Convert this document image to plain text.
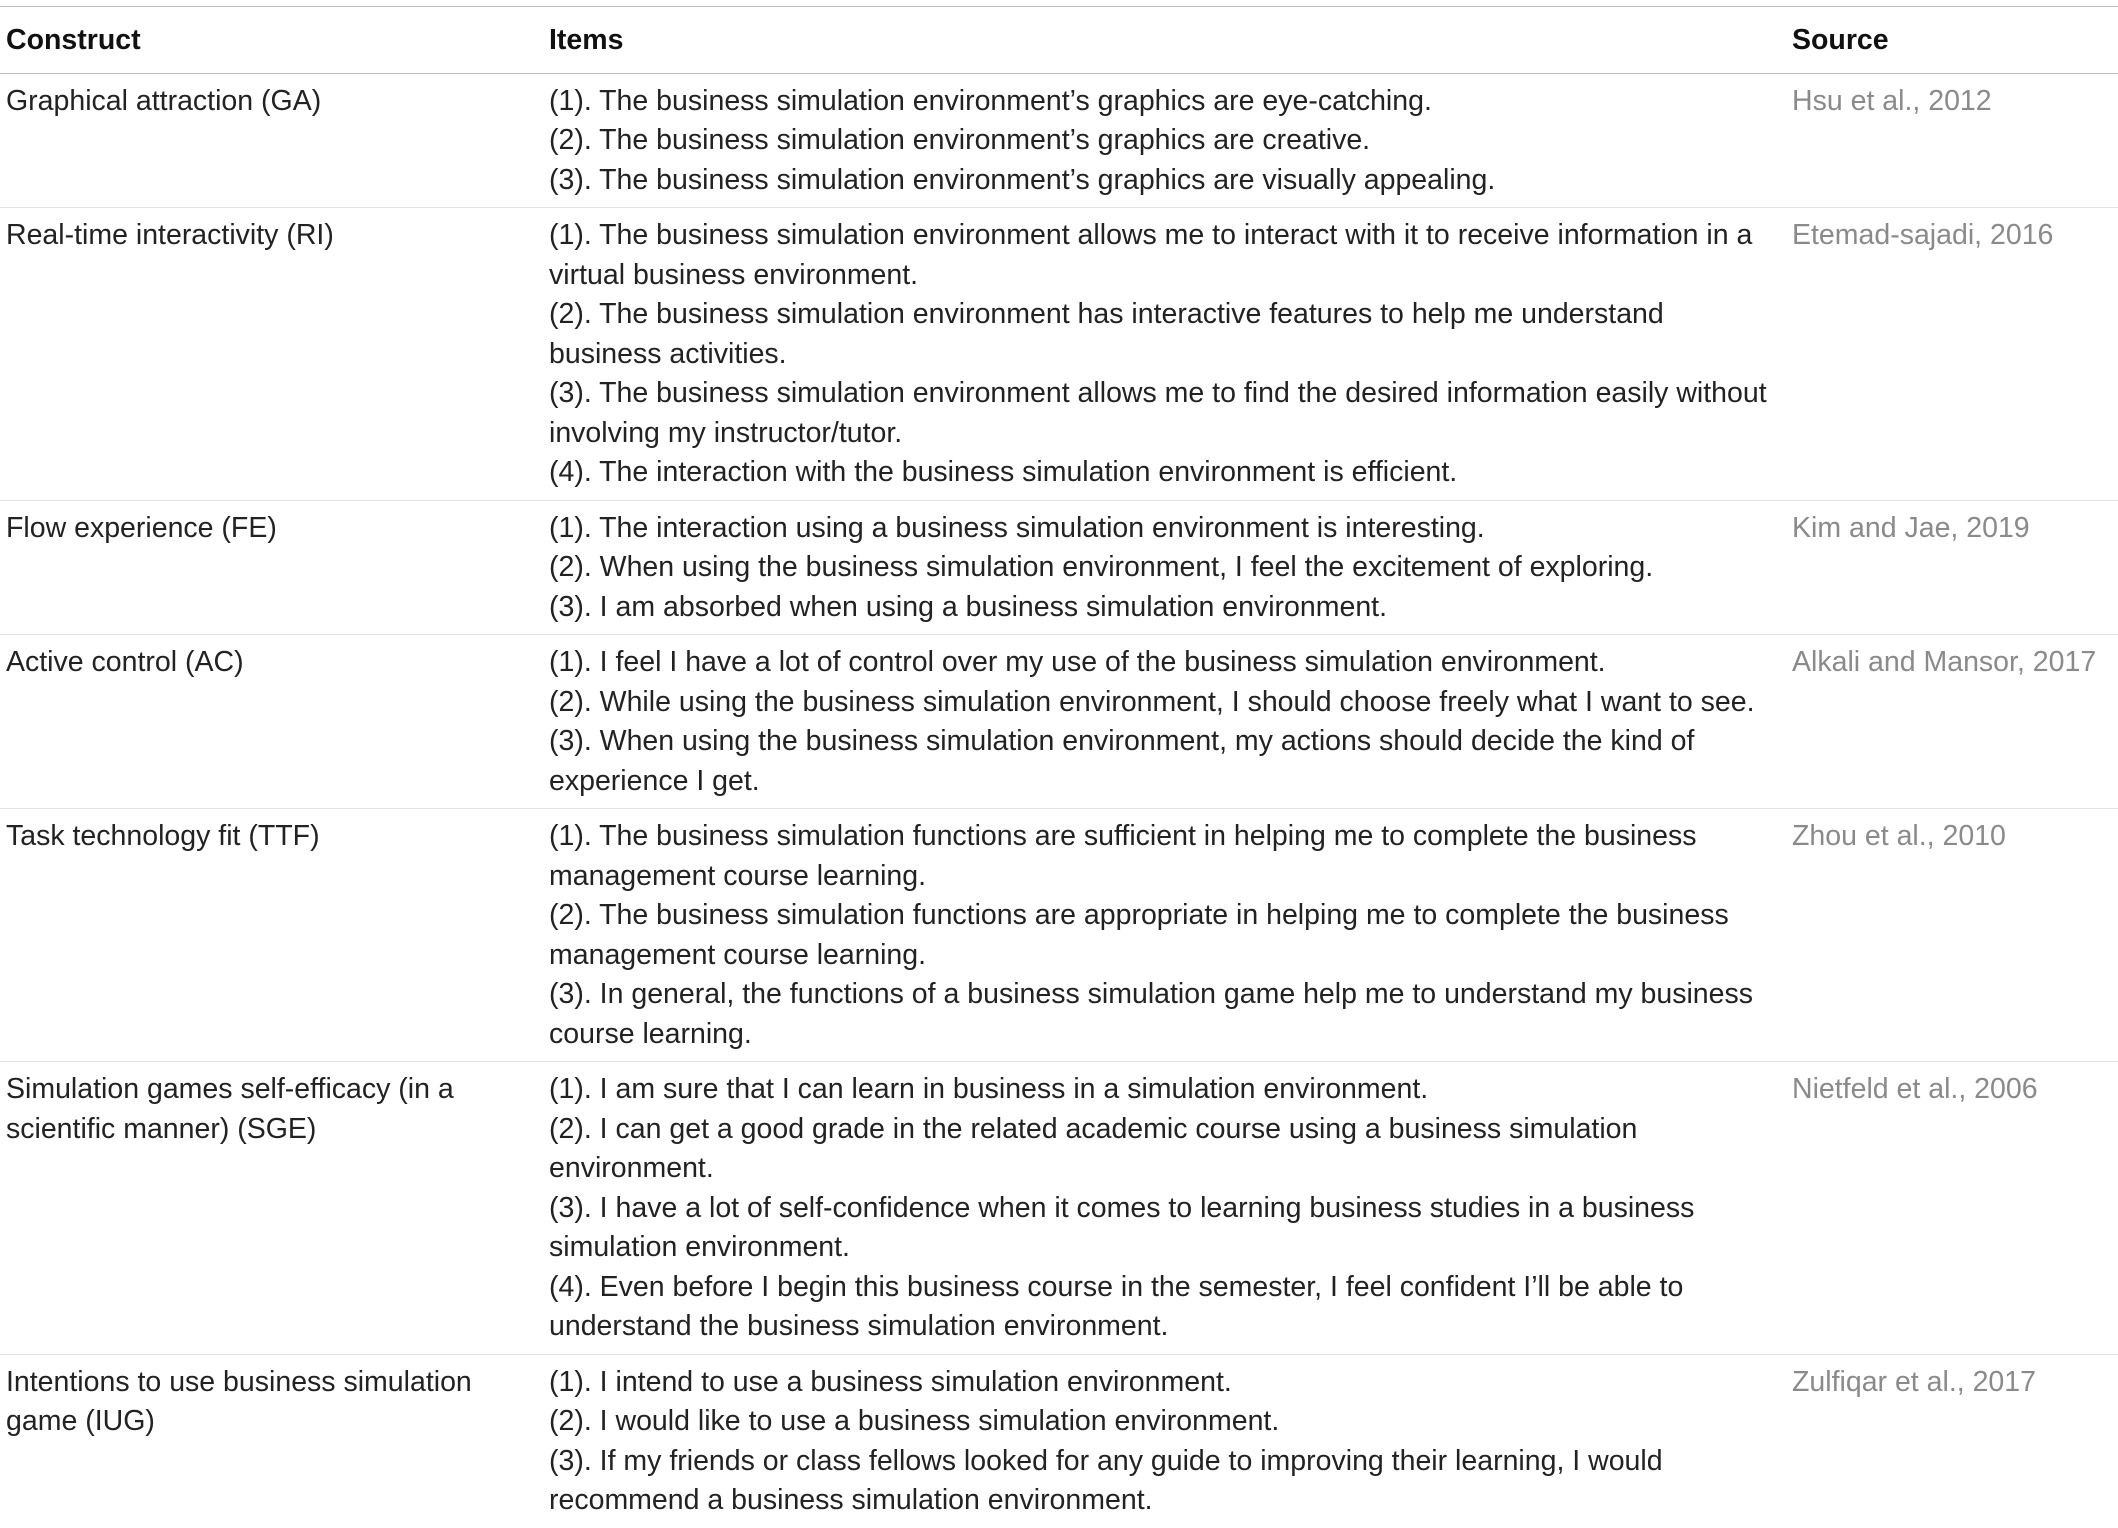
Construct	Items	Source
Graphical attraction (GA)	(1). The business simulation environment’s graphics are eye-catching.
(2). The business simulation environment’s graphics are creative.
(3). The business simulation environment’s graphics are visually appealing.	Hsu et al., 2012
Real-time interactivity (RI)	(1). The business simulation environment allows me to interact with it to receive information in a virtual business environment.
(2). The business simulation environment has interactive features to help me understand business activities.
(3). The business simulation environment allows me to find the desired information easily without involving my instructor/tutor.
(4). The interaction with the business simulation environment is efficient.	Etemad-sajadi, 2016
Flow experience (FE)	(1). The interaction using a business simulation environment is interesting.
(2). When using the business simulation environment, I feel the excitement of exploring.
(3). I am absorbed when using a business simulation environment.	Kim and Jae, 2019
Active control (AC)	(1). I feel I have a lot of control over my use of the business simulation environment.
(2). While using the business simulation environment, I should choose freely what I want to see.
(3). When using the business simulation environment, my actions should decide the kind of experience I get.	Alkali and Mansor, 2017
Task technology fit (TTF)	(1). The business simulation functions are sufficient in helping me to complete the business management course learning.
(2). The business simulation functions are appropriate in helping me to complete the business management course learning.
(3). In general, the functions of a business simulation game help me to understand my business course learning.	Zhou et al., 2010
Simulation games self-efficacy (in a scientific manner) (SGE)	(1). I am sure that I can learn in business in a simulation environment.
(2). I can get a good grade in the related academic course using a business simulation environment.
(3). I have a lot of self-confidence when it comes to learning business studies in a business simulation environment.
(4). Even before I begin this business course in the semester, I feel confident I’ll be able to understand the business simulation environment.	Nietfeld et al., 2006
Intentions to use business simulation game (IUG)	(1). I intend to use a business simulation environment.
(2). I would like to use a business simulation environment.
(3). If my friends or class fellows looked for any guide to improving their learning, I would recommend a business simulation environment.	Zulfiqar et al., 2017
